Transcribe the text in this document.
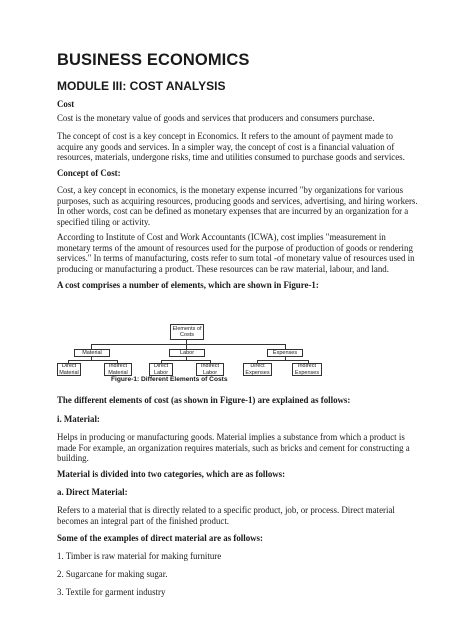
BUSINESS ECONOMICS
MODULE III: COST ANALYSIS
Cost
Cost is the monetary value of goods and services that producers and consumers purchase.
The concept of cost is a key concept in Economics. It refers to the amount of payment made to
acquire any goods and services. In a simpler way, the concept of cost is a financial valuation of
resources, materials, undergone risks, time and utilities consumed to purchase goods and services.
Concept of Cost:
Cost, a key concept in economics, is the monetary expense incurred "by organizations for various
purposes, such as acquiring resources, producing goods and services, advertising, and hiring workers.
In other words, cost can be defined as monetary expenses that are incurred by an organization for a
specified tiling or activity.
According to Institute of Cost and Work Accountants (ICWA), cost implies "measurement in
monetary terms of the amount of resources used for the purpose of production of goods or rendering
services." In terms of manufacturing, costs refer to sum total -of monetary value of resources used in
producing or manufacturing a product. These resources can be raw material, labour, and land.
A cost comprises a number of elements, which are shown in Figure-1:
Elements of Costs
Material	Labor	Expenses
Direct Material
Indirect Material
Direct Labor
Indirect Labor
Direct Expenses
Indirect Expenses
Figure-1: Different Elements of Costs
The different elements of cost (as shown in Figure-1) are explained as follows:
i. Material:
Helps in producing or manufacturing goods. Material implies a substance from which a product is
made For example, an organization requires materials, such as bricks and cement for constructing a
building.
Material is divided into two categories, which are as follows:
a. Direct Material:
Refers to a material that is directly related to a specific product, job, or process. Direct material
becomes an integral part of the finished product.
Some of the examples of direct material are as follows:
1. Timber is raw material for making furniture
2. Sugarcane for making sugar.
3. Textile for garment industry
